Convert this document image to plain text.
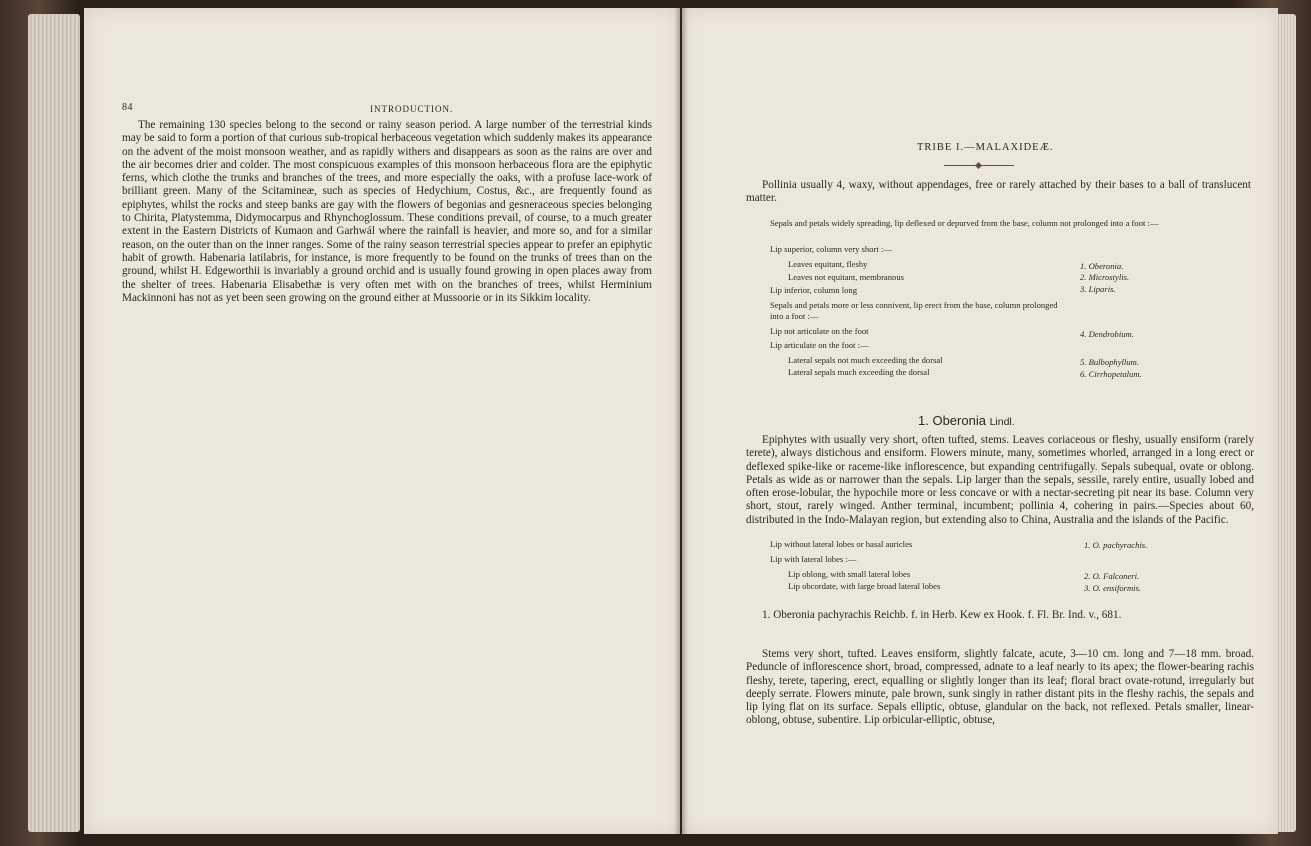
84	INTRODUCTION.

The remaining 130 species belong to the second or rainy season period. A large number of the terrestrial kinds may be said to form a portion of that curious sub-tropical herbaceous vegetation which suddenly makes its appearance on the advent of the moist monsoon weather, and as rapidly withers and disappears as soon as the rains are over and the air becomes drier and colder. The most conspicuous examples of this monsoon herbaceous flora are the epiphytic ferns, which clothe the trunks and branches of the trees, and more especially the oaks, with a profuse lace-work of brilliant green. Many of the Scitamineæ, such as species of Hedychium, Costus, &c., are frequently found as epiphytes, whilst the rocks and steep banks are gay with the flowers of begonias and gesneraceous species belonging to Chirita, Platystemma, Didymocarpus and Rhynchoglossum. These conditions prevail, of course, to a much greater extent in the Eastern Districts of Kumaon and Garhwál where the rainfall is heavier, and more so, and for a similar reason, on the outer than on the inner ranges. Some of the rainy season terrestrial species appear to prefer an epiphytic habit of growth. Habenaria latilabris, for instance, is more frequently to be found on the trunks of trees than on the ground, whilst H. Edgeworthii is invariably a ground orchid and is usually found growing in open places away from the shelter of trees. Habenaria Elisabethæ is very often met with on the branches of trees, whilst Herminium Mackinnoni has not as yet been seen growing on the ground either at Mussoorie or in its Sikkim locality.

TRIBE I.—MALAXIDEÆ.

Pollinia usually 4, waxy, without appendages, free or rarely attached by their bases to a ball of translucent matter.

Sepals and petals widely spreading, lip deflexed or depurved from the base, column not prolonged into a foot :—
Lip superior, column very short :—
Leaves equitant, fleshy	1. Oberonia.
Leaves not equitant, membranous	2. Microstylis.
Lip inferior, column long	3. Liparis.
Sepals and petals more or less connivent, lip erect from the base, column prolonged into a foot :—
Lip not articulate on the foot	4. Dendrobium.
Lip articulate on the foot :—
Lateral sepals not much exceeding the dorsal	5. Bulbophyllum.
Lateral sepals much exceeding the dorsal	6. Cirrhopetalum.
1. Oberonia Lindl.

Epiphytes with usually very short, often tufted, stems. Leaves coriaceous or fleshy, usually ensiform (rarely terete), always distichous and ensiform. Flowers minute, many, sometimes whorled, arranged in a long erect or deflexed spike-like or raceme-like inflorescence, but expanding centrifugally. Sepals subequal, ovate or oblong. Petals as wide as or narrower than the sepals. Lip larger than the sepals, sessile, rarely entire, usually lobed and often erose-lobular, the hypochile more or less concave or with a nectar-secreting pit near its base. Column very short, stout, rarely winged. Anther terminal, incumbent; pollinia 4, cohering in pairs.—Species about 60, distributed in the Indo-Malayan region, but extending also to China, Australia and the islands of the Pacific.

Lip without lateral lobes or basal auricles	1. O. pachyrachis.
Lip with lateral lobes :—
Lip oblong, with small lateral lobes	2. O. Falconeri.
Lip obcordate, with large broad lateral lobes	3. O. ensiformis.

1. Oberonia pachyrachis Reichb. f. in Herb. Kew ex Hook. f. Fl. Br. Ind. v., 681.

Stems very short, tufted. Leaves ensiform, slightly falcate, acute, 3—10 cm. long and 7—18 mm. broad. Peduncle of inflorescence short, broad, compressed, adnate to a leaf nearly to its apex; the flower-bearing rachis fleshy, terete, tapering, erect, equalling or slightly longer than its leaf; floral bract ovate-rotund, irregularly but deeply serrate. Flowers minute, pale brown, sunk singly in rather distant pits in the fleshy rachis, the sepals and lip lying flat on its surface. Sepals elliptic, obtuse, glandular on the back, not reflexed. Petals smaller, linear-oblong, obtuse, subentire. Lip orbicular-elliptic, obtuse,
